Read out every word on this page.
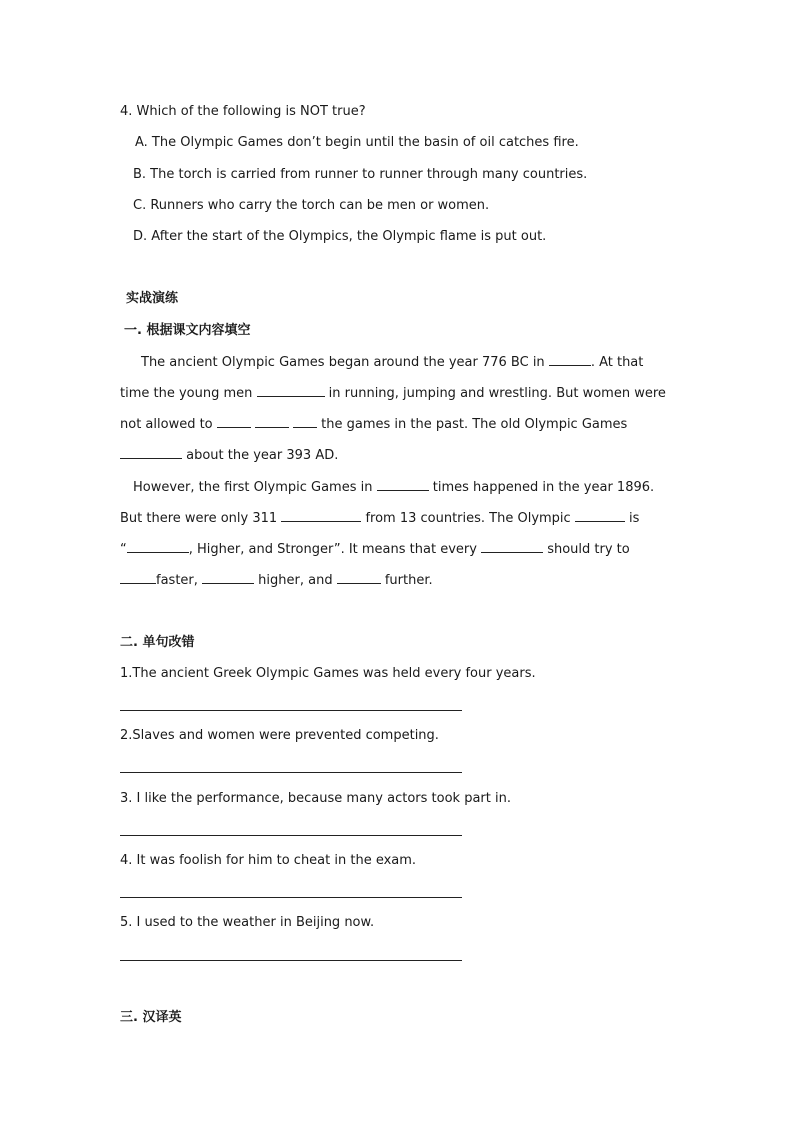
4. Which of the following is NOT true?
A. The Olympic Games don’t begin until the basin of oil catches fire.
B. The torch is carried from runner to runner through many countries.
C. Runners who carry the torch can be men or women.
D. After the start of the Olympics, the Olympic flame is put out.
实战演练
一. 根据课文内容填空
The ancient Olympic Games began around the year 776 BC in	. At that
time the young men	in running, jumping and wrestling. But women were
not allowed to	the games in the past. The old Olympic Games
about the year 393 AD.
However, the first Olympic Games in	times happened in the year 1896.
But there were only 311	from 13 countries. The Olympic	is
“	, Higher, and Stronger”. It means that every	should try to
faster,	higher, and	further.
二. 单句改错
1.The ancient Greek Olympic Games was held every four years.
2.Slaves and women were prevented competing.
3. I like the performance, because many actors took part in.
4. It was foolish for him to cheat in the exam.
5. I used to the weather in Beijing now.
三. 汉译英
